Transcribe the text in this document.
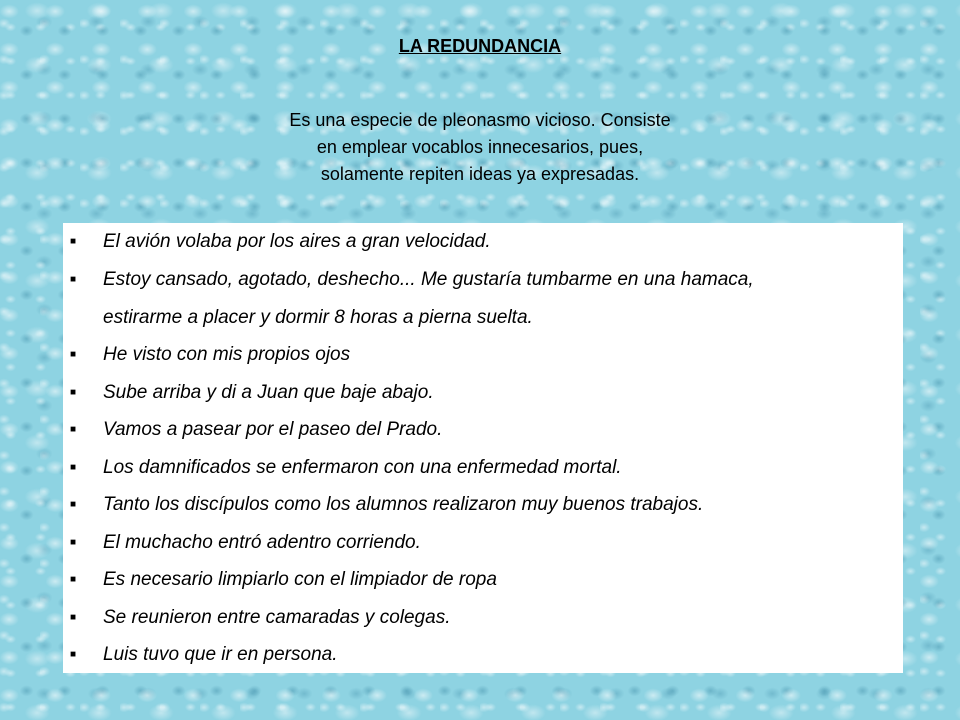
LA REDUNDANCIA
Es una especie de pleonasmo vicioso. Consiste
en emplear vocablos innecesarios, pues,
solamente repiten ideas ya expresadas.
■ El avión volaba por los aires a gran velocidad.
■ Estoy cansado, agotado, deshecho... Me gustaría tumbarme en una hamaca,
estirarme a placer y dormir 8 horas a pierna suelta.
■ He visto con mis propios ojos
■ Sube arriba y di a Juan que baje abajo.
■ Vamos a pasear por el paseo del Prado.
■ Los damnificados se enfermaron con una enfermedad mortal.
■ Tanto los discípulos como los alumnos realizaron muy buenos trabajos.
■ El muchacho entró adentro corriendo.
■ Es necesario limpiarlo con el limpiador de ropa
■ Se reunieron entre camaradas y colegas.
■ Luis tuvo que ir en persona.
